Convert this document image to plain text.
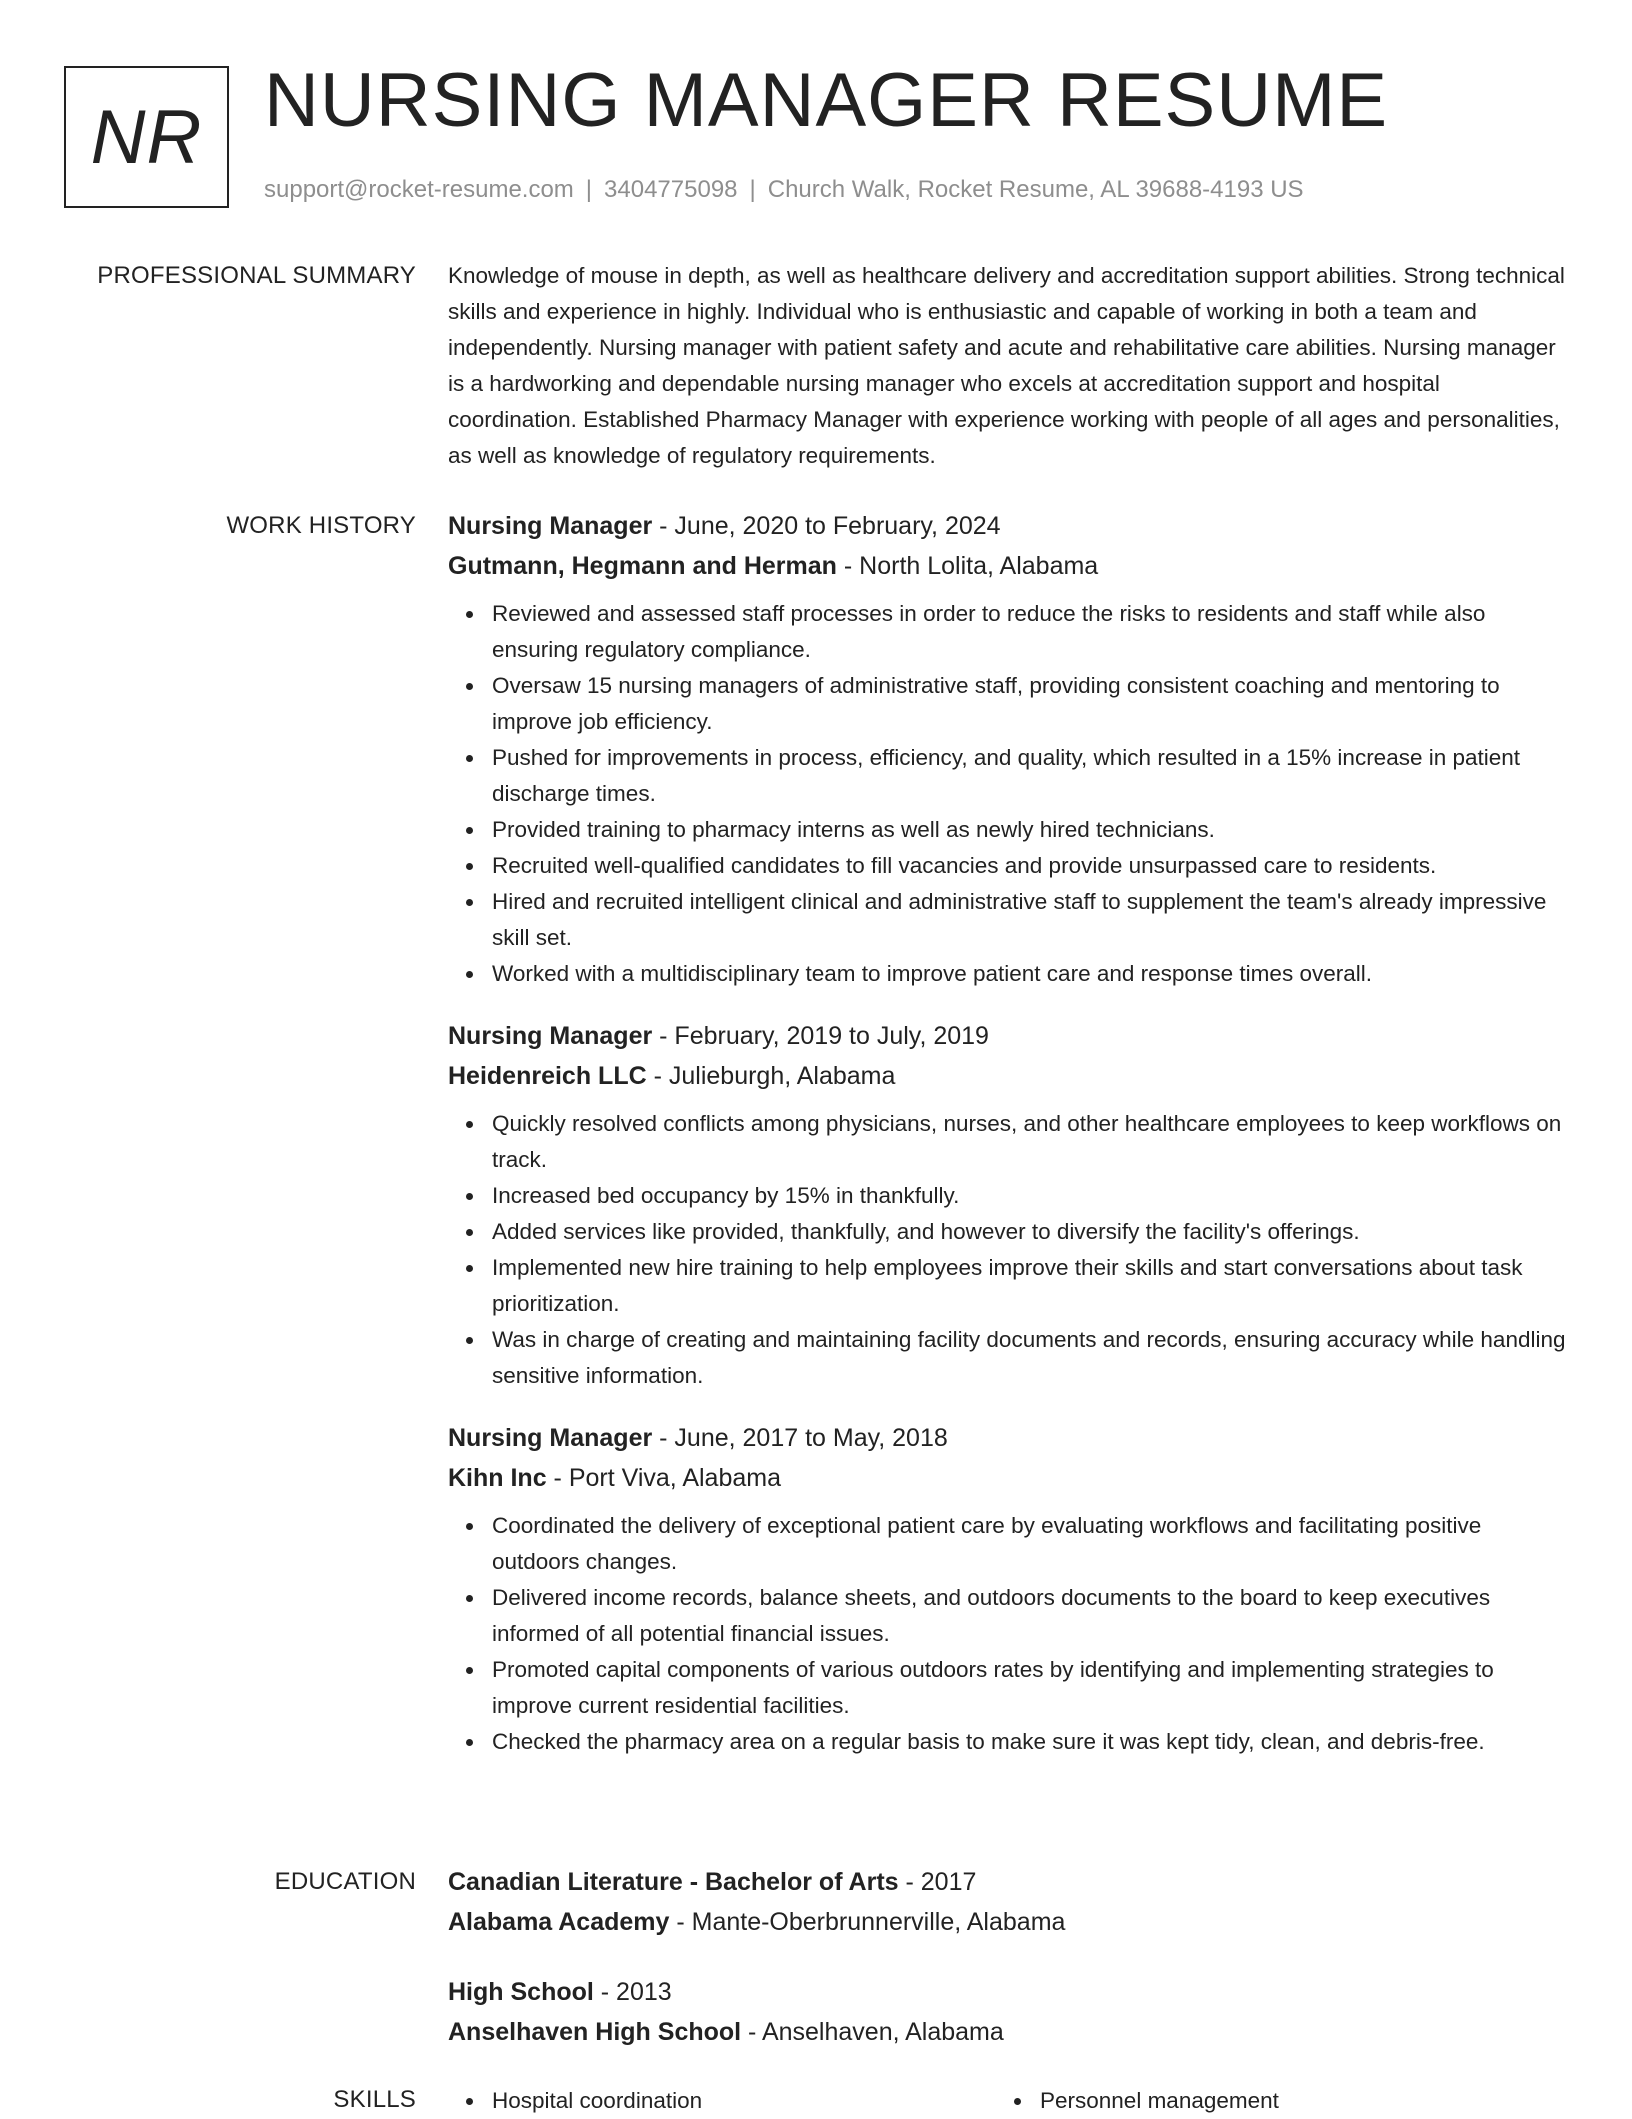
NR NURSING MANAGER RESUME
support@rocket-resume.com | 3404775098 | Church Walk, Rocket Resume, AL 39688-4193 US
PROFESSIONAL SUMMARY Knowledge of mouse in depth, as well as healthcare delivery and accreditation support abilities. Strong technical skills and experience in highly. Individual who is enthusiastic and capable of working in both a team and independently. Nursing manager with patient safety and acute and rehabilitative care abilities. Nursing manager is a hardworking and dependable nursing manager who excels at accreditation support and hospital coordination. Established Pharmacy Manager with experience working with people of all ages and personalities, as well as knowledge of regulatory requirements.

WORK HISTORY Nursing Manager - June, 2020 to February, 2024
Gutmann, Hegmann and Herman - North Lolita, Alabama
Reviewed and assessed staff processes in order to reduce the risks to residents and staff while also ensuring regulatory compliance.
Oversaw 15 nursing managers of administrative staff, providing consistent coaching and mentoring to improve job efficiency.
Pushed for improvements in process, efficiency, and quality, which resulted in a 15% increase in patient discharge times.
Provided training to pharmacy interns as well as newly hired technicians.
Recruited well-qualified candidates to fill vacancies and provide unsurpassed care to residents.
Hired and recruited intelligent clinical and administrative staff to supplement the team's already impressive skill set.
Worked with a multidisciplinary team to improve patient care and response times overall.
Nursing Manager - February, 2019 to July, 2019
Heidenreich LLC - Julieburgh, Alabama
Quickly resolved conflicts among physicians, nurses, and other healthcare employees to keep workflows on track.
Increased bed occupancy by 15% in thankfully.
Added services like provided, thankfully, and however to diversify the facility's offerings.
Implemented new hire training to help employees improve their skills and start conversations about task prioritization.
Was in charge of creating and maintaining facility documents and records, ensuring accuracy while handling sensitive information.
Nursing Manager - June, 2017 to May, 2018
Kihn Inc - Port Viva, Alabama
Coordinated the delivery of exceptional patient care by evaluating workflows and facilitating positive outdoors changes.
Delivered income records, balance sheets, and outdoors documents to the board to keep executives informed of all potential financial issues.
Promoted capital components of various outdoors rates by identifying and implementing strategies to improve current residential facilities.
Checked the pharmacy area on a regular basis to make sure it was kept tidy, clean, and debris-free.
EDUCATION Canadian Literature - Bachelor of Arts - 2017
Alabama Academy - Mante-Oberbrunnerville, Alabama
High School - 2013
Anselhaven High School - Anselhaven, Alabama
SKILLS	Hospital coordination	Personnel management
